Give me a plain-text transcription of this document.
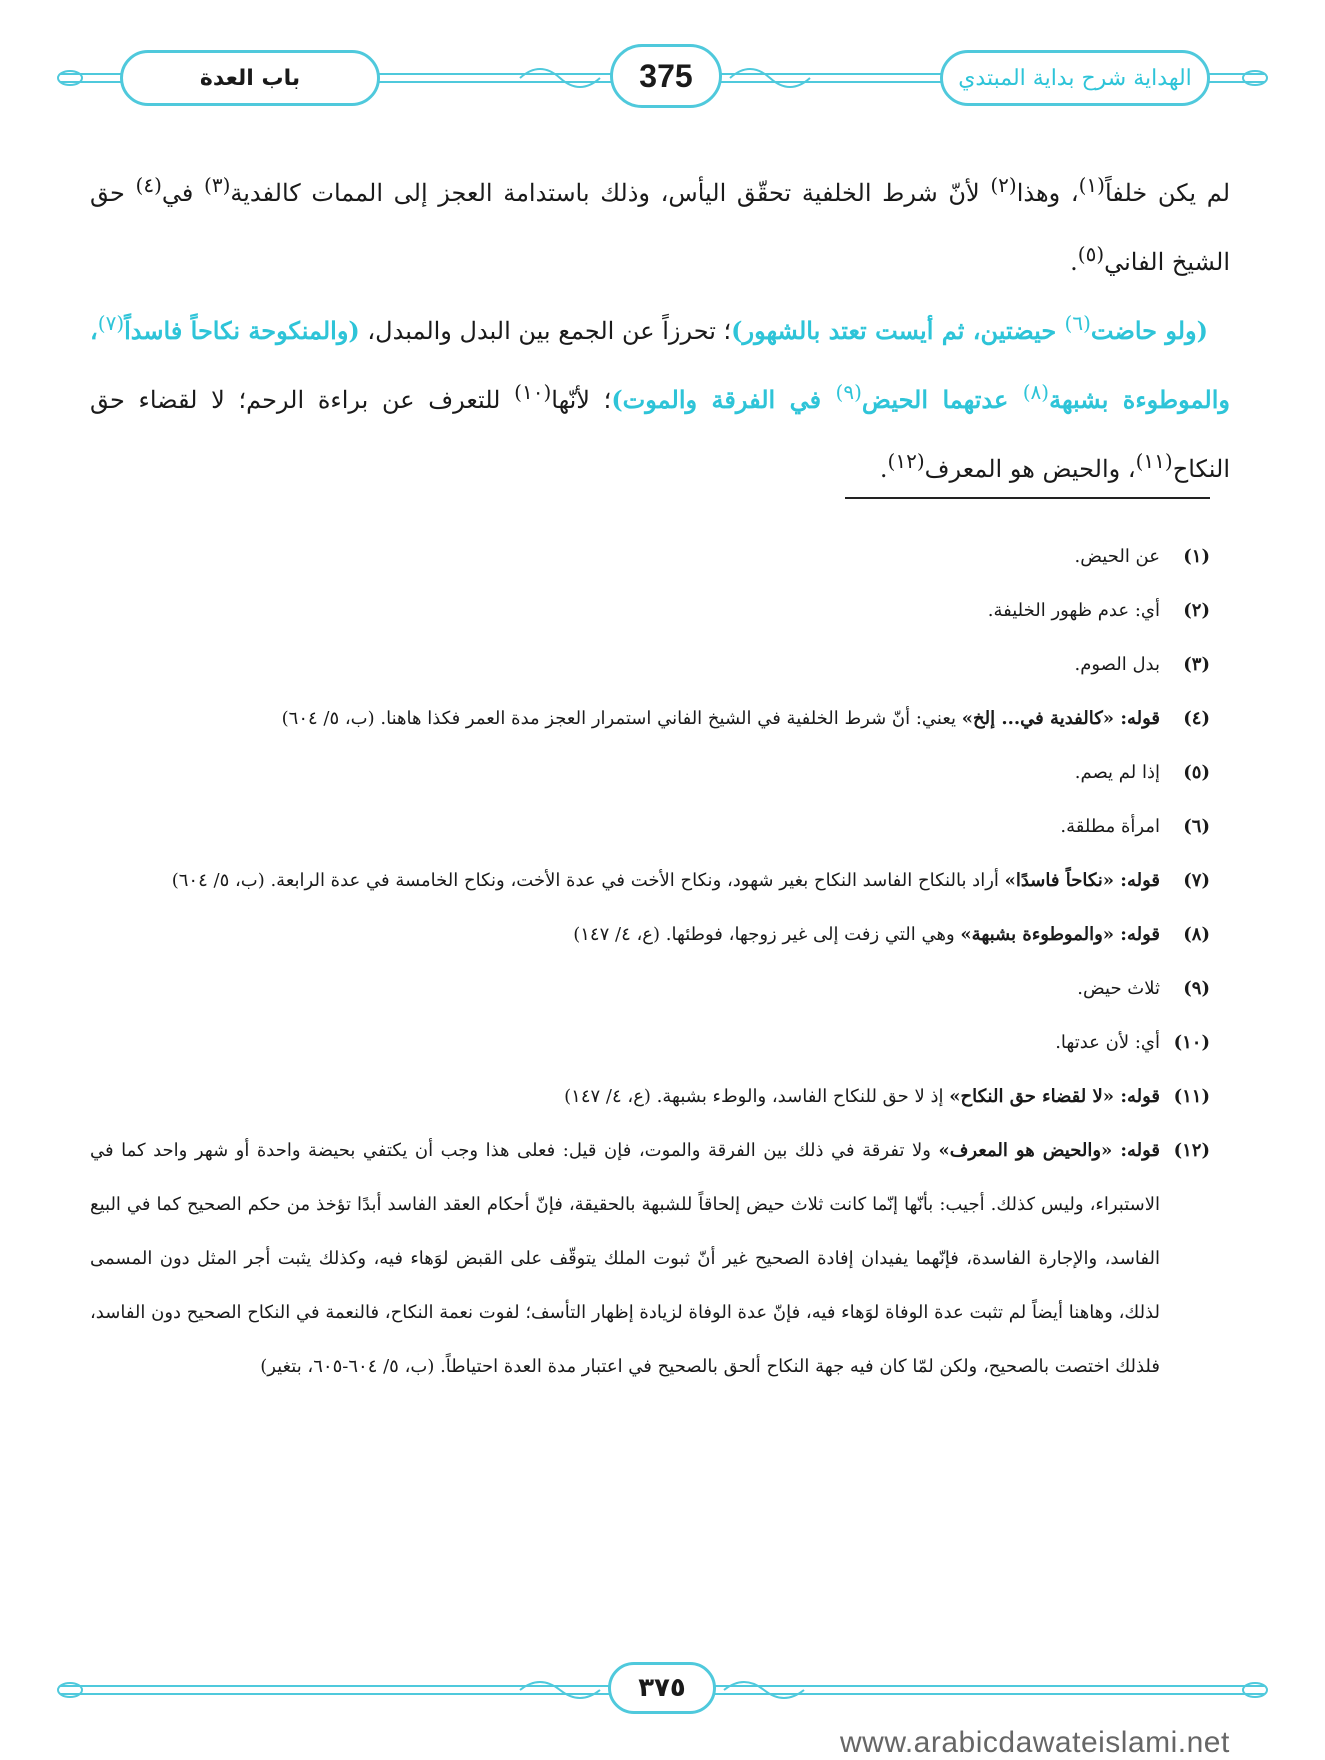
باب العدة	375	الهداية شرح بداية المبتدي

لم يكن خلفاً$^{(١)}$، وهذا$^{(٢)}$ لأنّ شرط الخلفية تحقّق اليأس، وذلك باستدامة العجز إلى الممات كالفدية$^{(٣)}$ في$^{(٤)}$ حق الشيخ الفاني$^{(٥)}$.

(ولو حاضت$^{(٦)}$ حيضتين، ثم أيست تعتد بالشهور)؛ تحرزاً عن الجمع بين البدل والمبدل، (والمنكوحة نكاحاً فاسداً$^{(٧)}$، والموطوءة بشبهة$^{(٨)}$ عدتهما الحيض$^{(٩)}$ في الفرقة والموت)؛ لأنّها$^{(١٠)}$ للتعرف عن براءة الرحم؛ لا لقضاء حق النكاح$^{(١١)}$، والحيض هو المعرف$^{(١٢)}$.

(١)
عن الحيض.
(٢)
أي: عدم ظهور الخليفة.
(٣)
بدل الصوم.
(٤)
قوله: «كالفدية في... إلخ» يعني: أنّ شرط الخلفية في الشيخ الفاني استمرار العجز مدة العمر فكذا هاهنا. (ب، ٥/ ٦٠٤)
(٥)
إذا لم يصم.
(٦)
امرأة مطلقة.
(٧)
قوله: «نكاحاً فاسدًا» أراد بالنكاح الفاسد النكاح بغير شهود، ونكاح الأخت في عدة الأخت، ونكاح الخامسة في عدة الرابعة. (ب، ٥/ ٦٠٤)
(٨)
قوله: «والموطوءة بشبهة» وهي التي زفت إلى غير زوجها، فوطئها. (ع، ٤/ ١٤٧)
(٩)
ثلاث حيض.
(١٠)
أي: لأن عدتها.
(١١)
قوله: «لا لقضاء حق النكاح» إذ لا حق للنكاح الفاسد، والوطء بشبهة. (ع، ٤/ ١٤٧)
(١٢)
قوله: «والحيض هو المعرف» ولا تفرقة في ذلك بين الفرقة والموت، فإن قيل: فعلى هذا وجب أن يكتفي بحيضة واحدة أو شهر واحد كما في الاستبراء، وليس كذلك. أجيب: بأنّها إنّما كانت ثلاث حيض إلحاقاً للشبهة بالحقيقة، فإنّ أحكام العقد الفاسد أبدًا تؤخذ من حكم الصحيح كما في البيع الفاسد، والإجارة الفاسدة، فإنّهما يفيدان إفادة الصحيح غير أنّ ثبوت الملك يتوقّف على القبض لوَهاء فيه، وكذلك يثبت أجر المثل دون المسمى لذلك، وهاهنا أيضاً لم تثبت عدة الوفاة لوَهاء فيه، فإنّ عدة الوفاة لزيادة إظهار التأسف؛ لفوت نعمة النكاح، فالنعمة في النكاح الصحيح دون الفاسد، فلذلك اختصت بالصحيح، ولكن لمّا كان فيه جهة النكاح ألحق بالصحيح في اعتبار مدة العدة احتياطاً. (ب، ٥/ ٦٠٤-٦٠٥، بتغير)
٣٧٥
www.arabicdawateislami.net
